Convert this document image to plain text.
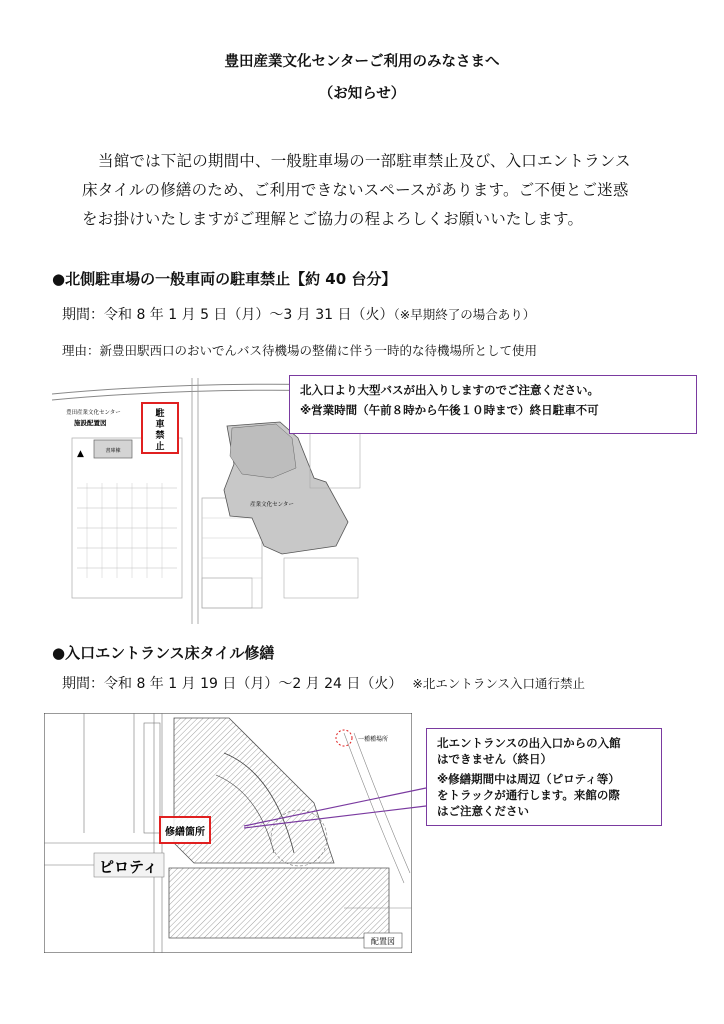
豊田産業文化センターご利用のみなさまへ
（お知らせ）

当館では下記の期間中、一般駐車場の一部駐車禁止及び、入口エントランス

床タイルの修繕のため、ご利用できないスペースがあります。ご不便とご迷惑

をお掛けいたしますがご理解とご協力の程よろしくお願いいたします。

●北側駐車場の一般車両の駐車禁止【約 40 台分】
期間：令和 8 年 1 月 5 日（月）～3 月 31 日（火）（※早期終了の場合あり）
理由：新豊田駅西口のおいでんバス待機場の整備に伴う一時的な待機場所として使用
書庫棟
▲
豊田産業文化センター
施設配置図
産業文化センター
駐
車
禁
止

北入口より大型バスが出入りしますのでご注意ください。

※営業時間（午前８時から午後１０時まで）終日駐車不可

●入口エントランス床タイル修繕
期間：令和 8 年 1 月 19 日（月）～2 月 24 日（火） ※北エントランス入口通行禁止
ピロティ
一種種場所
修繕箇所
配置図

北エントランスの出入口からの入館

はできません（終日）

※修繕期間中は周辺（ピロティ等）

をトラックが通行します。来館の際

はご注意ください
